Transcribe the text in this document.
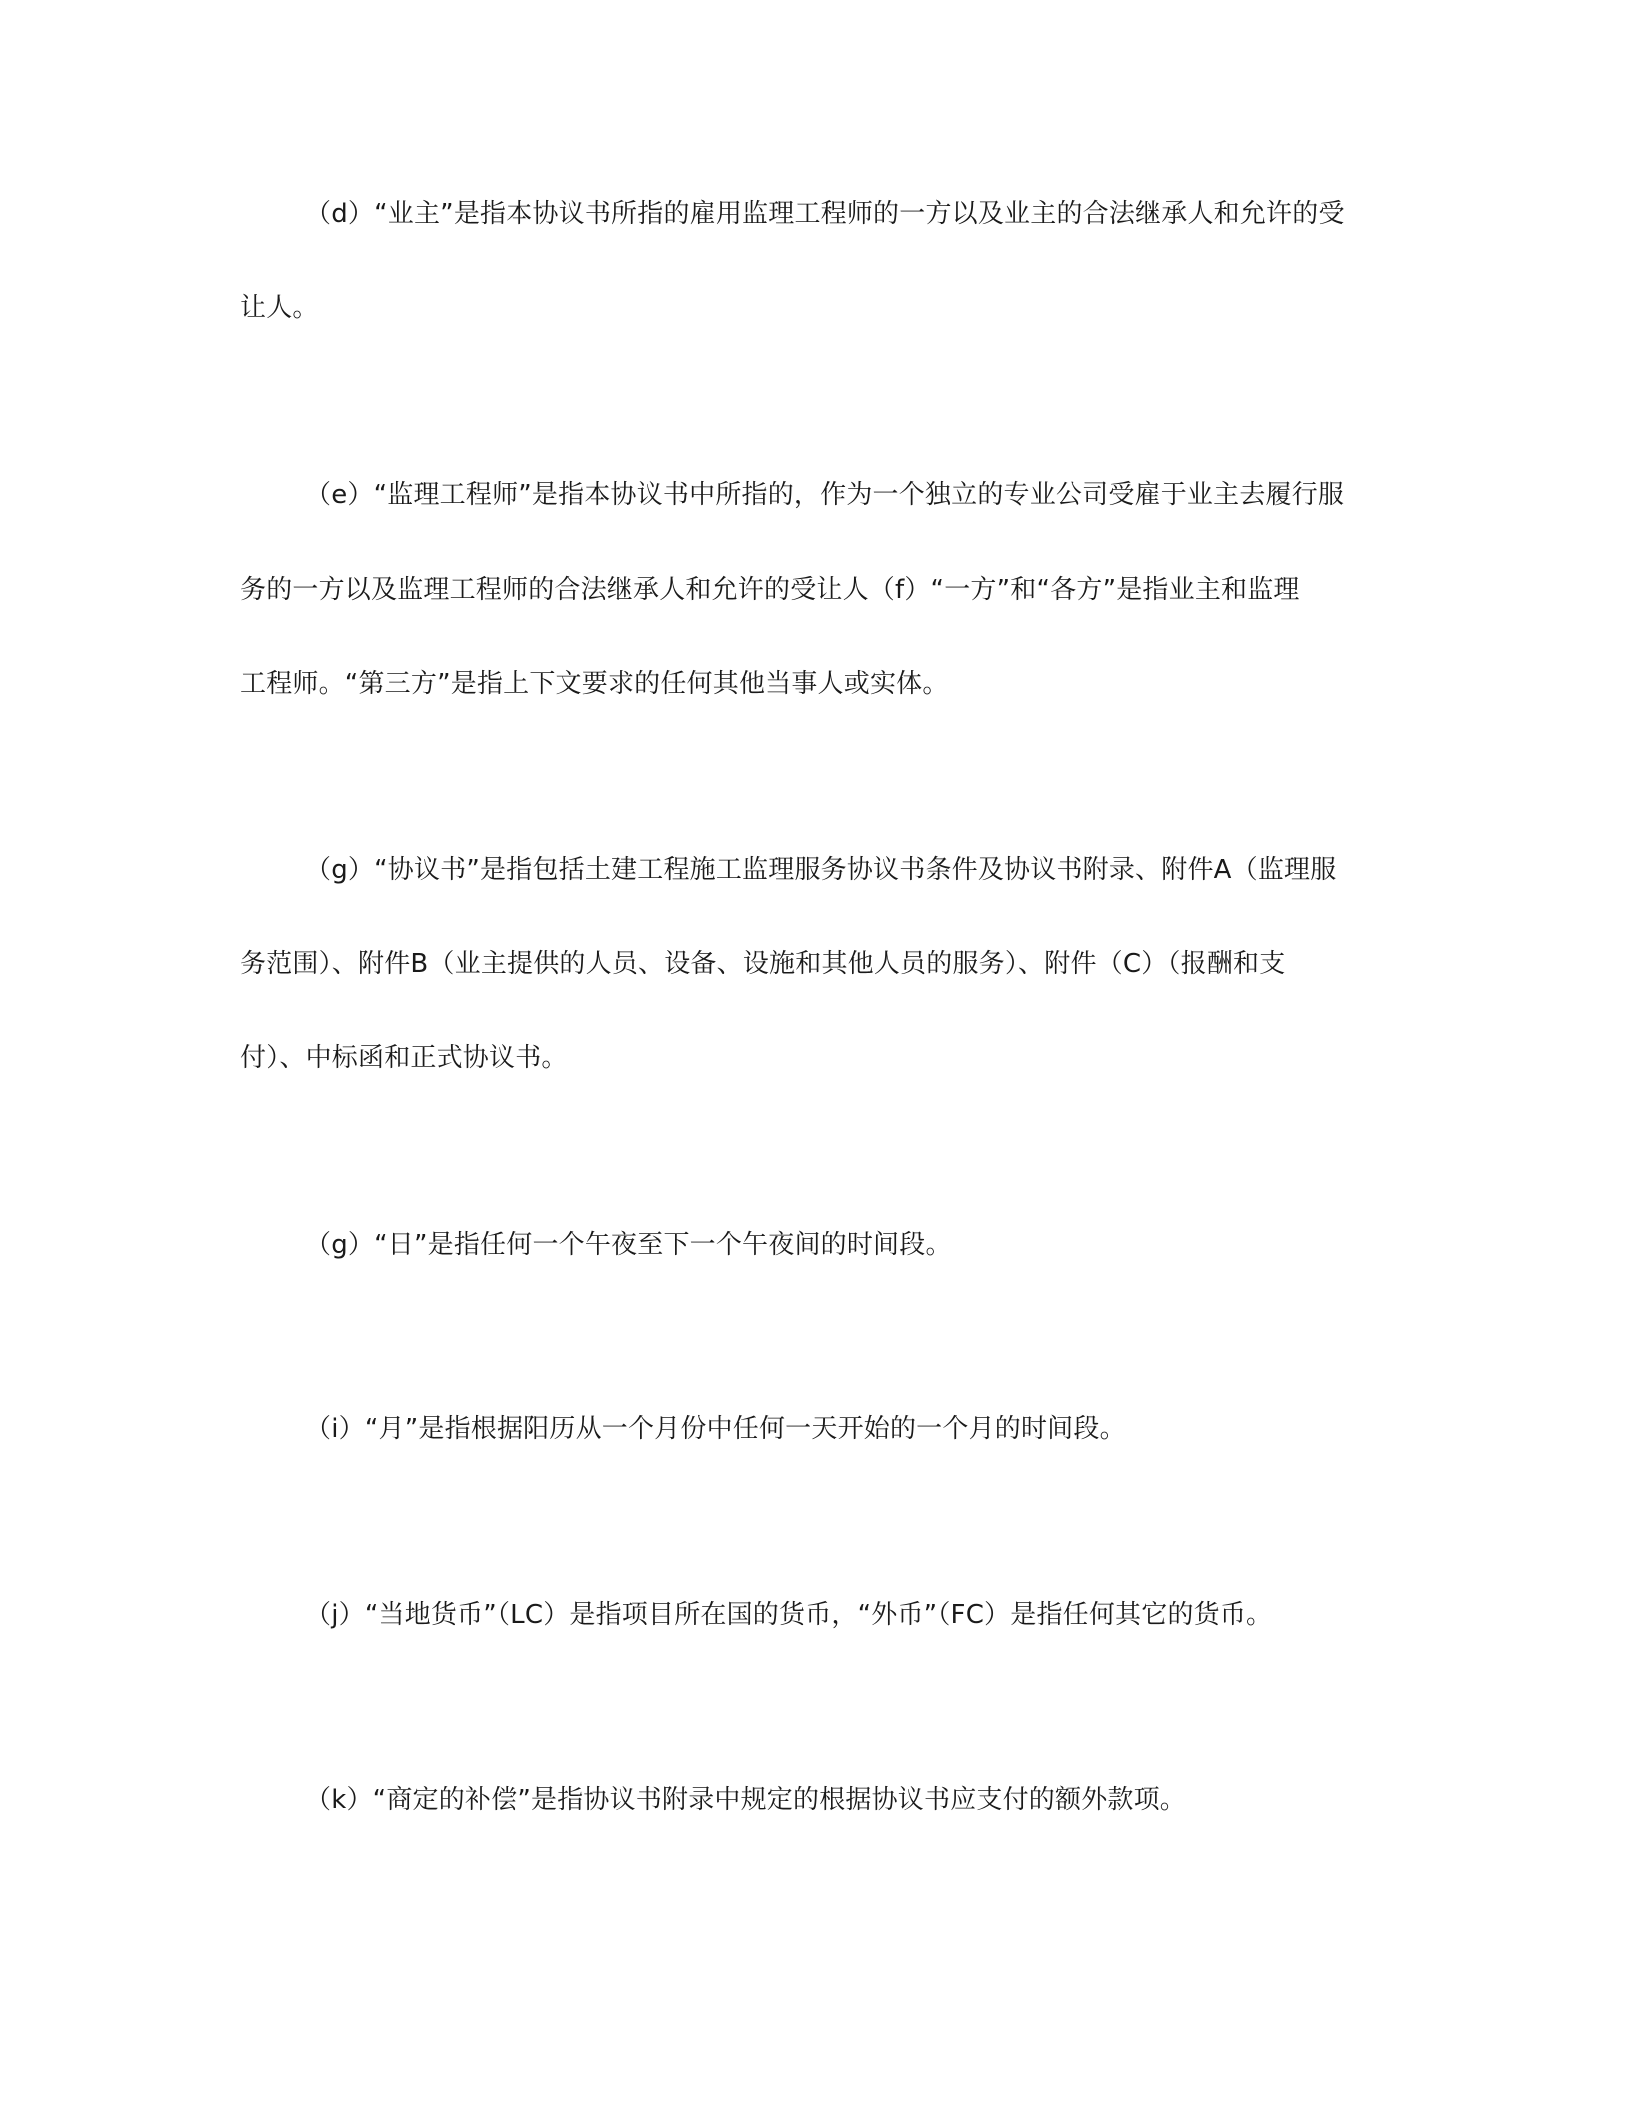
（d）“业主”是指本协议书所指的雇用监理工程师的一方以及业主的合法继承人和允许的受
让人。
（e）“监理工程师”是指本协议书中所指的，作为一个独立的专业公司受雇于业主去履行服
务的一方以及监理工程师的合法继承人和允许的受让人（f）“一方”和“各方”是指业主和监理
工程师。“第三方”是指上下文要求的任何其他当事人或实体。
（g）“协议书”是指包括土建工程施工监理服务协议书条件及协议书附录、附件A（监理服
务范围）、附件B（业主提供的人员、设备、设施和其他人员的服务）、附件（C）（报酬和支
付）、中标函和正式协议书。
（g）“日”是指任何一个午夜至下一个午夜间的时间段。
（i）“月”是指根据阳历从一个月份中任何一天开始的一个月的时间段。
（j）“当地货币”（LC）是指项目所在国的货币，“外币”（FC）是指任何其它的货币。
（k）“商定的补偿”是指协议书附录中规定的根据协议书应支付的额外款项。
